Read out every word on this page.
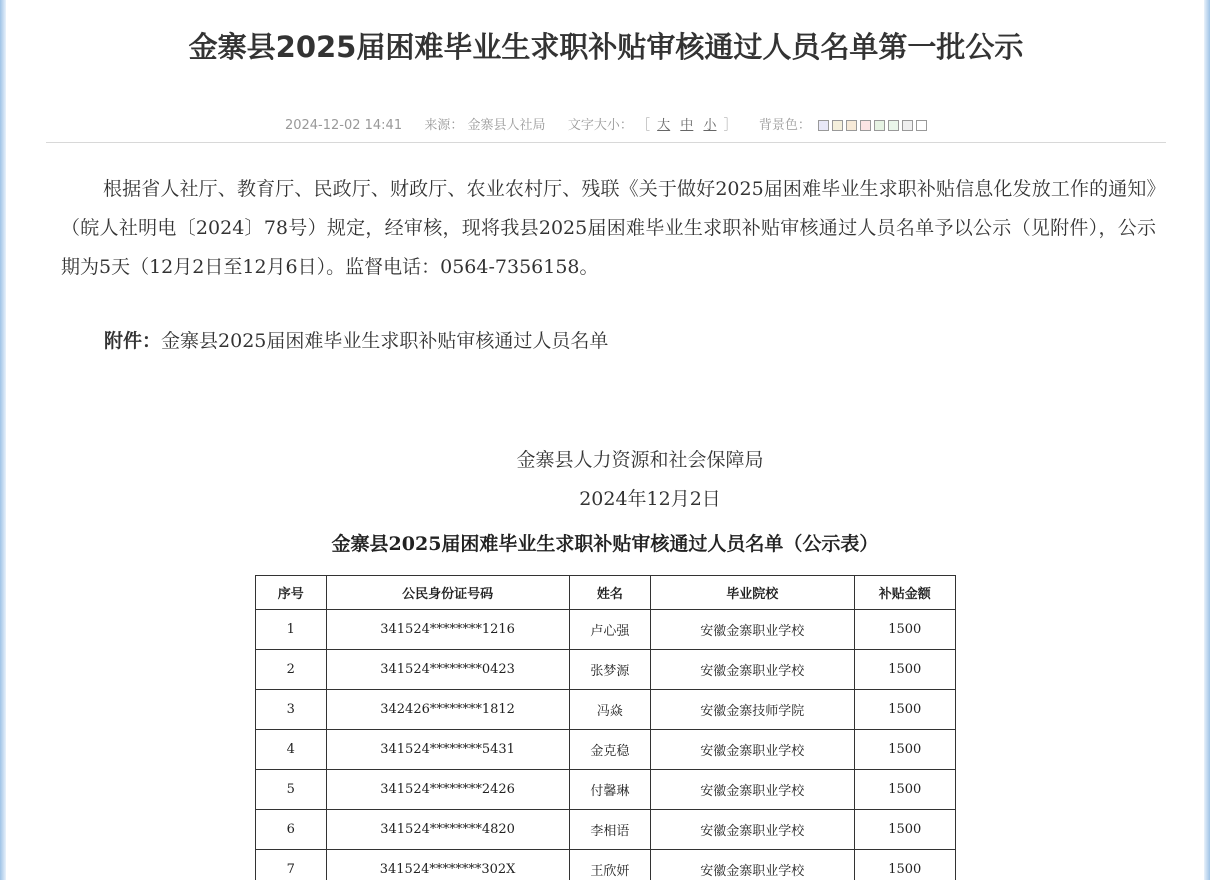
金寨县2025届困难毕业生求职补贴审核通过人员名单第一批公示
2024-12-02 14:41 来源： 金寨县人社局 文字大小： ［ 大 中 小 ］ 背景色：

根据省人社厅、教育厅、民政厅、财政厅、农业农村厅、残联《关于做好2025届困难毕业生求职补贴信息化发放工作的通知》（皖人社明电〔2024〕78号）规定，经审核，现将我县2025届困难毕业生求职补贴审核通过人员名单予以公示（见附件），公示期为5天（12月2日至12月6日）。监督电话：0564-7356158。

附件：金寨县2025届困难毕业生求职补贴审核通过人员名单
金寨县人力资源和社会保障局
2024年12月2日
金寨县2025届困难毕业生求职补贴审核通过人员名单（公示表）
序号	公民身份证号码	姓名	毕业院校	补贴金额
1	341524********1216	卢心强	安徽金寨职业学校	1500
2	341524********0423	张梦源	安徽金寨职业学校	1500
3	342426********1812	冯焱	安徽金寨技师学院	1500
4	341524********5431	金克稳	安徽金寨职业学校	1500
5	341524********2426	付馨琳	安徽金寨职业学校	1500
6	341524********4820	李相语	安徽金寨职业学校	1500
7	341524********302X	王欣妍	安徽金寨职业学校	1500
